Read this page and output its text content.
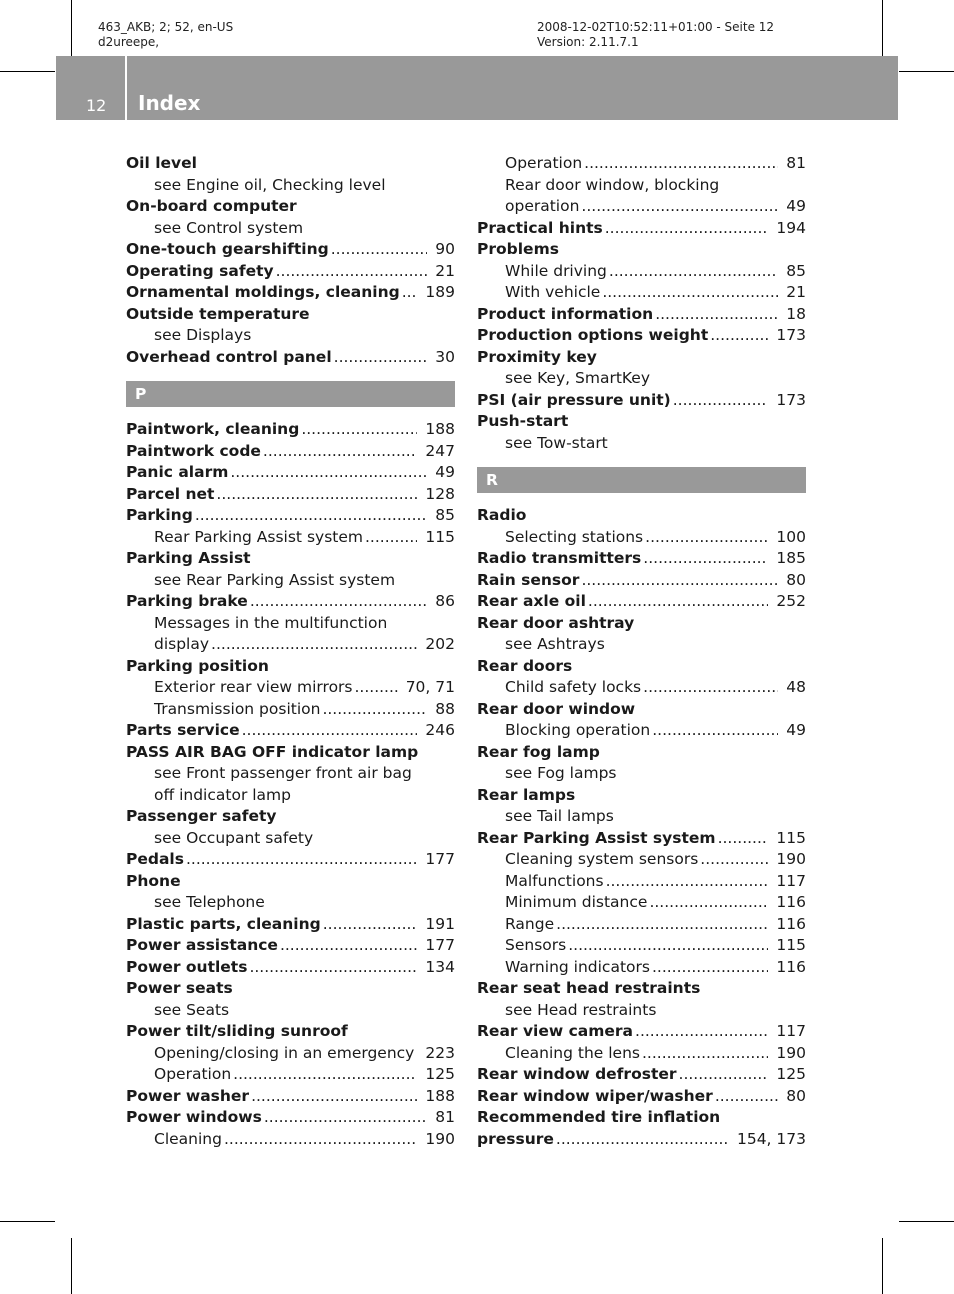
463_AKB; 2; 52, en-US
d2ureepe,
2008-12-02T10:52:11+01:00 - Seite 12
Version: 2.11.7.1
12 Index
Oil level
see Engine oil, Checking level
On-board computer
see Control system
One-touch gearshifting .....	90
Operating safety .....	21
Ornamental moldings, cleaning .....	189
Outside temperature
see Displays
Overhead control panel .....	30
P
Paintwork, cleaning .....	188
Paintwork code .....	247
Panic alarm .....	49
Parcel net .....	128
Parking .....	85
Rear Parking Assist system .....	115
Parking Assist
see Rear Parking Assist system
Parking brake .....	86
Messages in the multifunction
display .....	202
Parking position
Exterior rear view mirrors .....	70, 71
Transmission position .....	88
Parts service .....	246
PASS AIR BAG OFF indicator lamp
see Front passenger front air bag
off indicator lamp
Passenger safety
see Occupant safety
Pedals .....	177
Phone
see Telephone
Plastic parts, cleaning .....	191
Power assistance .....	177
Power outlets .....	134
Power seats
see Seats
Power tilt/sliding sunroof
Opening/closing in an emergency ..... 223
Operation .....	125
Power washer .....	188
Power windows .....	81
Cleaning .....	190
Operation .....	81
Rear door window, blocking
operation .....	49
Practical hints .....	194
Problems
While driving .....	85
With vehicle .....	21
Product information .....	18
Production options weight .....	173
Proximity key
see Key, SmartKey
PSI (air pressure unit) .....	173
Push-start
see Tow-start
R
Radio
Selecting stations .....	100
Radio transmitters .....	185
Rain sensor .....	80
Rear axle oil .....	252
Rear door ashtray
see Ashtrays
Rear doors
Child safety locks .....	48
Rear door window
Blocking operation .....	49
Rear fog lamp
see Fog lamps
Rear lamps
see Tail lamps
Rear Parking Assist system .....	115
Cleaning system sensors .....	190
Malfunctions .....	117
Minimum distance .....	116
Range .....	116
Sensors .....	115
Warning indicators .....	116
Rear seat head restraints
see Head restraints
Rear view camera .....	117
Cleaning the lens .....	190
Rear window defroster .....	125
Rear window wiper/washer .....	80
Recommended tire inflation
pressure .....	154, 173
